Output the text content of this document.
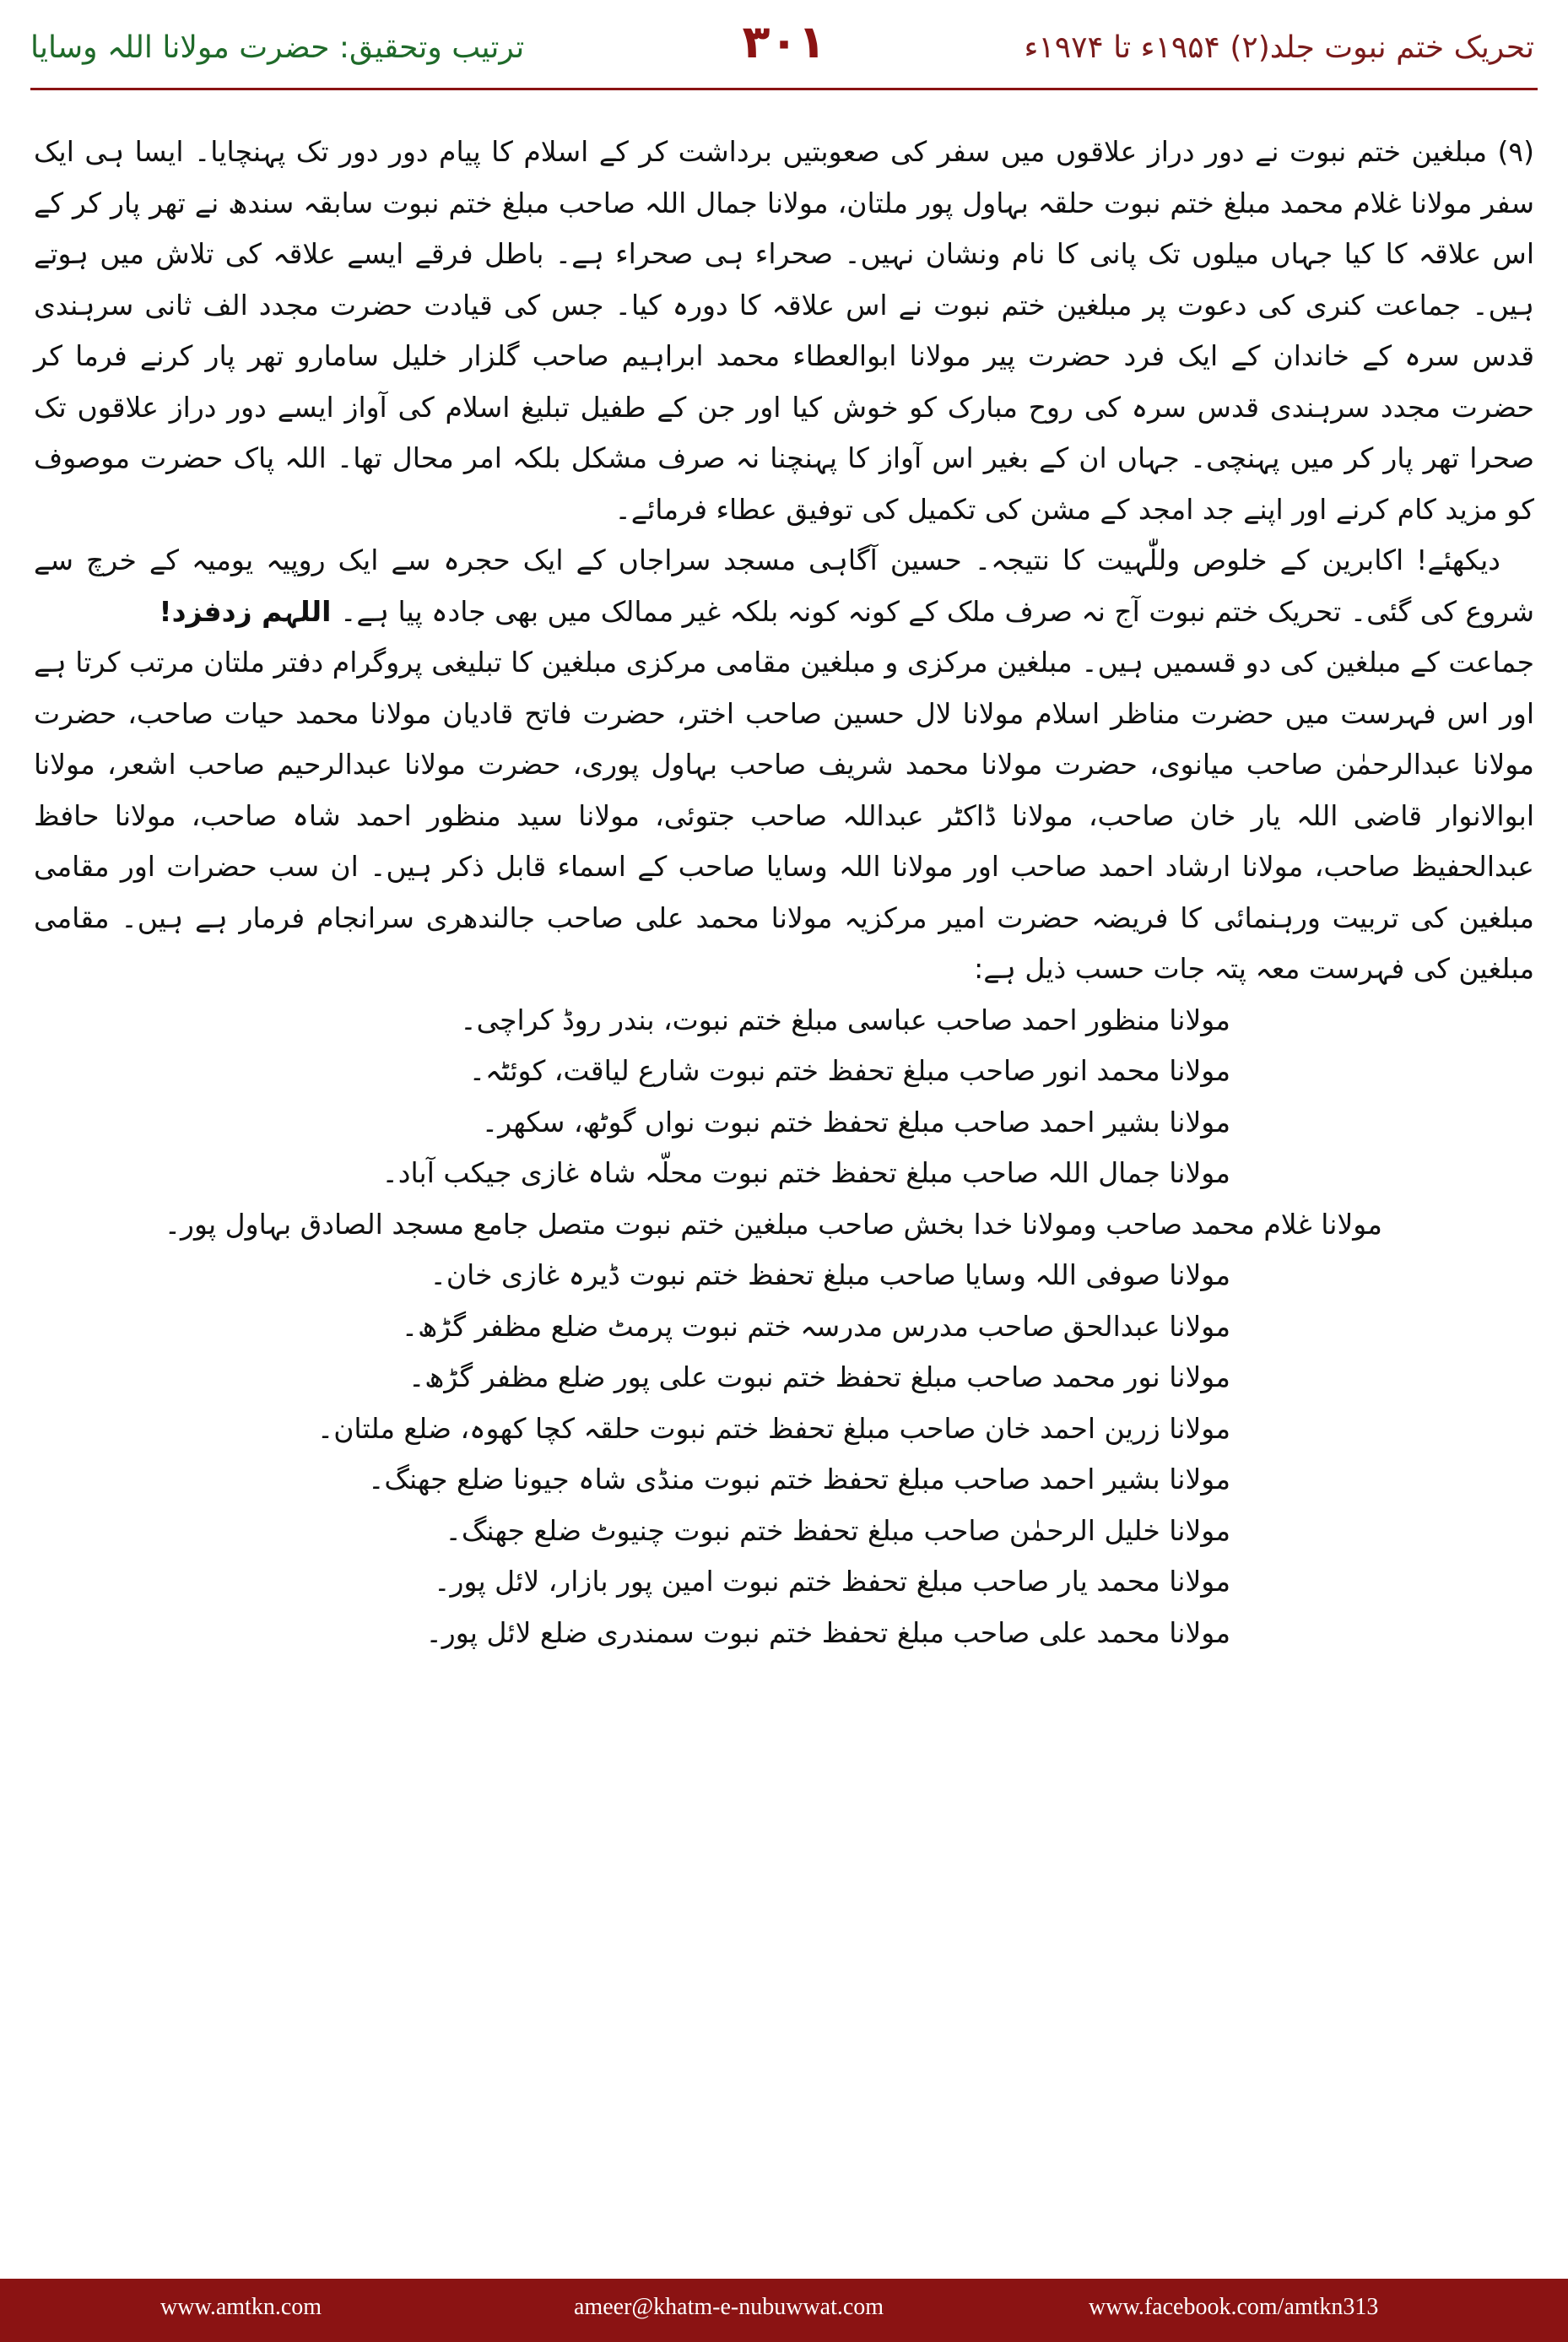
تحریک ختم نبوت جلد(۲) ۱۹۵۴ء تا ۱۹۷۴ء
۳۰۱
ترتیب وتحقیق: حضرت مولانا اللہ وسایا

(۹) مبلغین ختم نبوت نے دور دراز علاقوں میں سفر کی صعوبتیں برداشت کر کے اسلام کا پیام دور دور تک پہنچایا۔ ایسا ہی ایک سفر مولانا غلام محمد مبلغ ختم نبوت حلقہ بہاول پور ملتان، مولانا جمال اللہ صاحب مبلغ ختم نبوت سابقہ سندھ نے تھر پار کر کے اس علاقہ کا کیا جہاں میلوں تک پانی کا نام ونشان نہیں۔ صحراء ہی صحراء ہے۔ باطل فرقے ایسے علاقہ کی تلاش میں ہوتے ہیں۔ جماعت کنری کی دعوت پر مبلغین ختم نبوت نے اس علاقہ کا دورہ کیا۔ جس کی قیادت حضرت مجدد الف ثانی سرہندی قدس سرہ کے خاندان کے ایک فرد حضرت پیر مولانا ابوالعطاء محمد ابراہیم صاحب گلزار خلیل سامارو تھر پار کرنے فرما کر حضرت مجدد سرہندی قدس سرہ کی روح مبارک کو خوش کیا اور جن کے طفیل تبلیغ اسلام کی آواز ایسے دور دراز علاقوں تک صحرا تھر پار کر میں پہنچی۔ جہاں ان کے بغیر اس آواز کا پہنچنا نہ صرف مشکل بلکہ امر محال تھا۔ اللہ پاک حضرت موصوف کو مزید کام کرنے اور اپنے جد امجد کے مشن کی تکمیل کی توفیق عطاء فرمائے۔

دیکھئے! اکابرین کے خلوص وللّٰہیت کا نتیجہ۔ حسین آگاہی مسجد سراجاں کے ایک حجرہ سے ایک روپیہ یومیہ کے خرچ سے شروع کی گئی۔ تحریک ختم نبوت آج نہ صرف ملک کے کونہ کونہ بلکہ غیر ممالک میں بھی جادہ پیا ہے۔ اللہم زدفزد!

جماعت کے مبلغین کی دو قسمیں ہیں۔ مبلغین مرکزی و مبلغین مقامی مرکزی مبلغین کا تبلیغی پروگرام دفتر ملتان مرتب کرتا ہے اور اس فہرست میں حضرت مناظر اسلام مولانا لال حسین صاحب اختر، حضرت فاتح قادیان مولانا محمد حیات صاحب، حضرت مولانا عبدالرحمٰن صاحب میانوی، حضرت مولانا محمد شریف صاحب بہاول پوری، حضرت مولانا عبدالرحیم صاحب اشعر، مولانا ابوالانوار قاضی اللہ یار خان صاحب، مولانا ڈاکٹر عبداللہ صاحب جتوئی، مولانا سید منظور احمد شاہ صاحب، مولانا حافظ عبدالحفیظ صاحب، مولانا ارشاد احمد صاحب اور مولانا اللہ وسایا صاحب کے اسماء قابل ذکر ہیں۔ ان سب حضرات اور مقامی مبلغین کی تربیت ورہنمائی کا فریضہ حضرت امیر مرکزیہ مولانا محمد علی صاحب جالندھری سرانجام فرمار ہے ہیں۔ مقامی مبلغین کی فہرست معہ پتہ جات حسب ذیل ہے:

مولانا منظور احمد صاحب عباسی مبلغ ختم نبوت، بندر روڈ کراچی۔
مولانا محمد انور صاحب مبلغ تحفظ ختم نبوت شارع لیاقت، کوئٹہ۔
مولانا بشیر احمد صاحب مبلغ تحفظ ختم نبوت نواں گوٹھ، سکھر۔
مولانا جمال اللہ صاحب مبلغ تحفظ ختم نبوت محلّہ شاہ غازی جیکب آباد۔
مولانا غلام محمد صاحب ومولانا خدا بخش صاحب مبلغین ختم نبوت متصل جامع مسجد الصادق بہاول پور۔
مولانا صوفی اللہ وسایا صاحب مبلغ تحفظ ختم نبوت ڈیرہ غازی خان۔
مولانا عبدالحق صاحب مدرس مدرسہ ختم نبوت پرمٹ ضلع مظفر گڑھ۔
مولانا نور محمد صاحب مبلغ تحفظ ختم نبوت علی پور ضلع مظفر گڑھ۔
مولانا زرین احمد خان صاحب مبلغ تحفظ ختم نبوت حلقہ کچا کھوہ، ضلع ملتان۔
مولانا بشیر احمد صاحب مبلغ تحفظ ختم نبوت منڈی شاہ جیونا ضلع جھنگ۔
مولانا خلیل الرحمٰن صاحب مبلغ تحفظ ختم نبوت چنیوٹ ضلع جھنگ۔
مولانا محمد یار صاحب مبلغ تحفظ ختم نبوت امین پور بازار، لائل پور۔
مولانا محمد علی صاحب مبلغ تحفظ ختم نبوت سمندری ضلع لائل پور۔
www.amtkn.com	ameer@khatm-e-nubuwwat.com	www.facebook.com/amtkn313
